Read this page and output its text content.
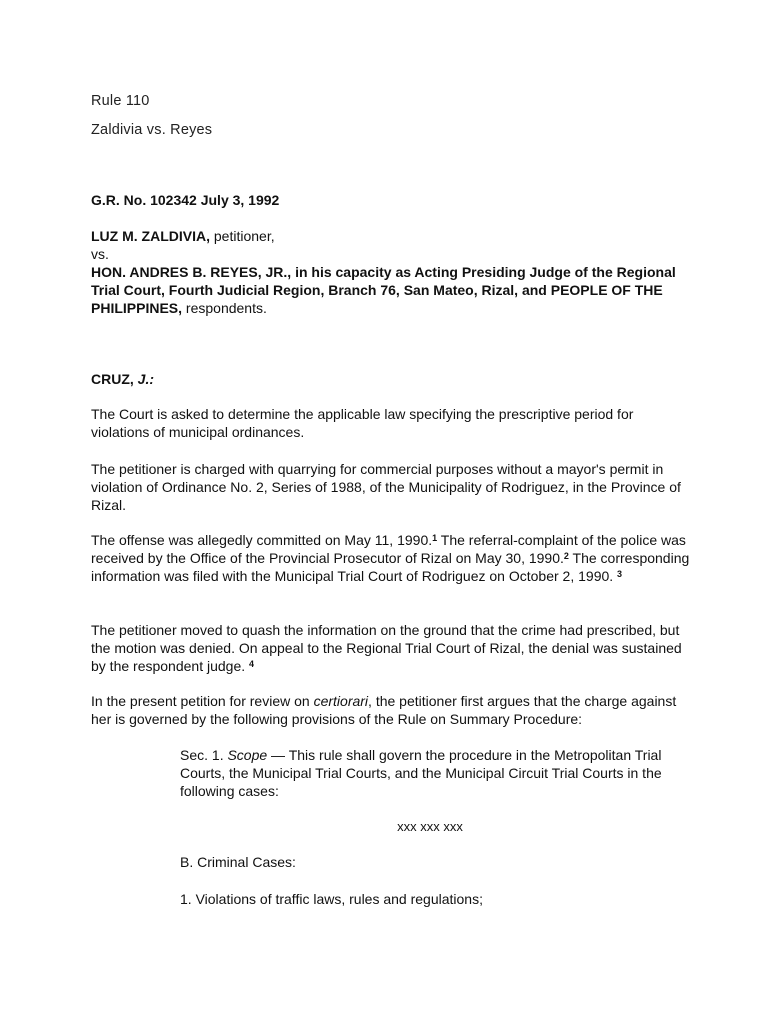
Rule 110
Zaldivia vs. Reyes
G.R. No. 102342 July 3, 1992

LUZ M. ZALDIVIA, petitioner,

vs.

HON. ANDRES B. REYES, JR., in his capacity as Acting Presiding Judge of the Regional Trial Court, Fourth Judicial Region, Branch 76, San Mateo, Rizal, and PEOPLE OF THE PHILIPPINES, respondents.

CRUZ, J.:
The Court is asked to determine the applicable law specifying the prescriptive period for violations of municipal ordinances.
The petitioner is charged with quarrying for commercial purposes without a mayor's permit in violation of Ordinance No. 2, Series of 1988, of the Municipality of Rodriguez, in the Province of Rizal.
The offense was allegedly committed on May 11, 1990.$^1$ The referral-complaint of the police was received by the Office of the Provincial Prosecutor of Rizal on May 30, 1990.$^2$ The corresponding information was filed with the Municipal Trial Court of Rodriguez on October 2, 1990. $^3$
The petitioner moved to quash the information on the ground that the crime had prescribed, but the motion was denied. On appeal to the Regional Trial Court of Rizal, the denial was sustained by the respondent judge. $^4$
In the present petition for review on certiorari, the petitioner first argues that the charge against her is governed by the following provisions of the Rule on Summary Procedure:
Sec. 1. Scope — This rule shall govern the procedure in the Metropolitan Trial Courts, the Municipal Trial Courts, and the Municipal Circuit Trial Courts in the following cases:
xxx xxx xxx
B. Criminal Cases:
1. Violations of traffic laws, rules and regulations;
